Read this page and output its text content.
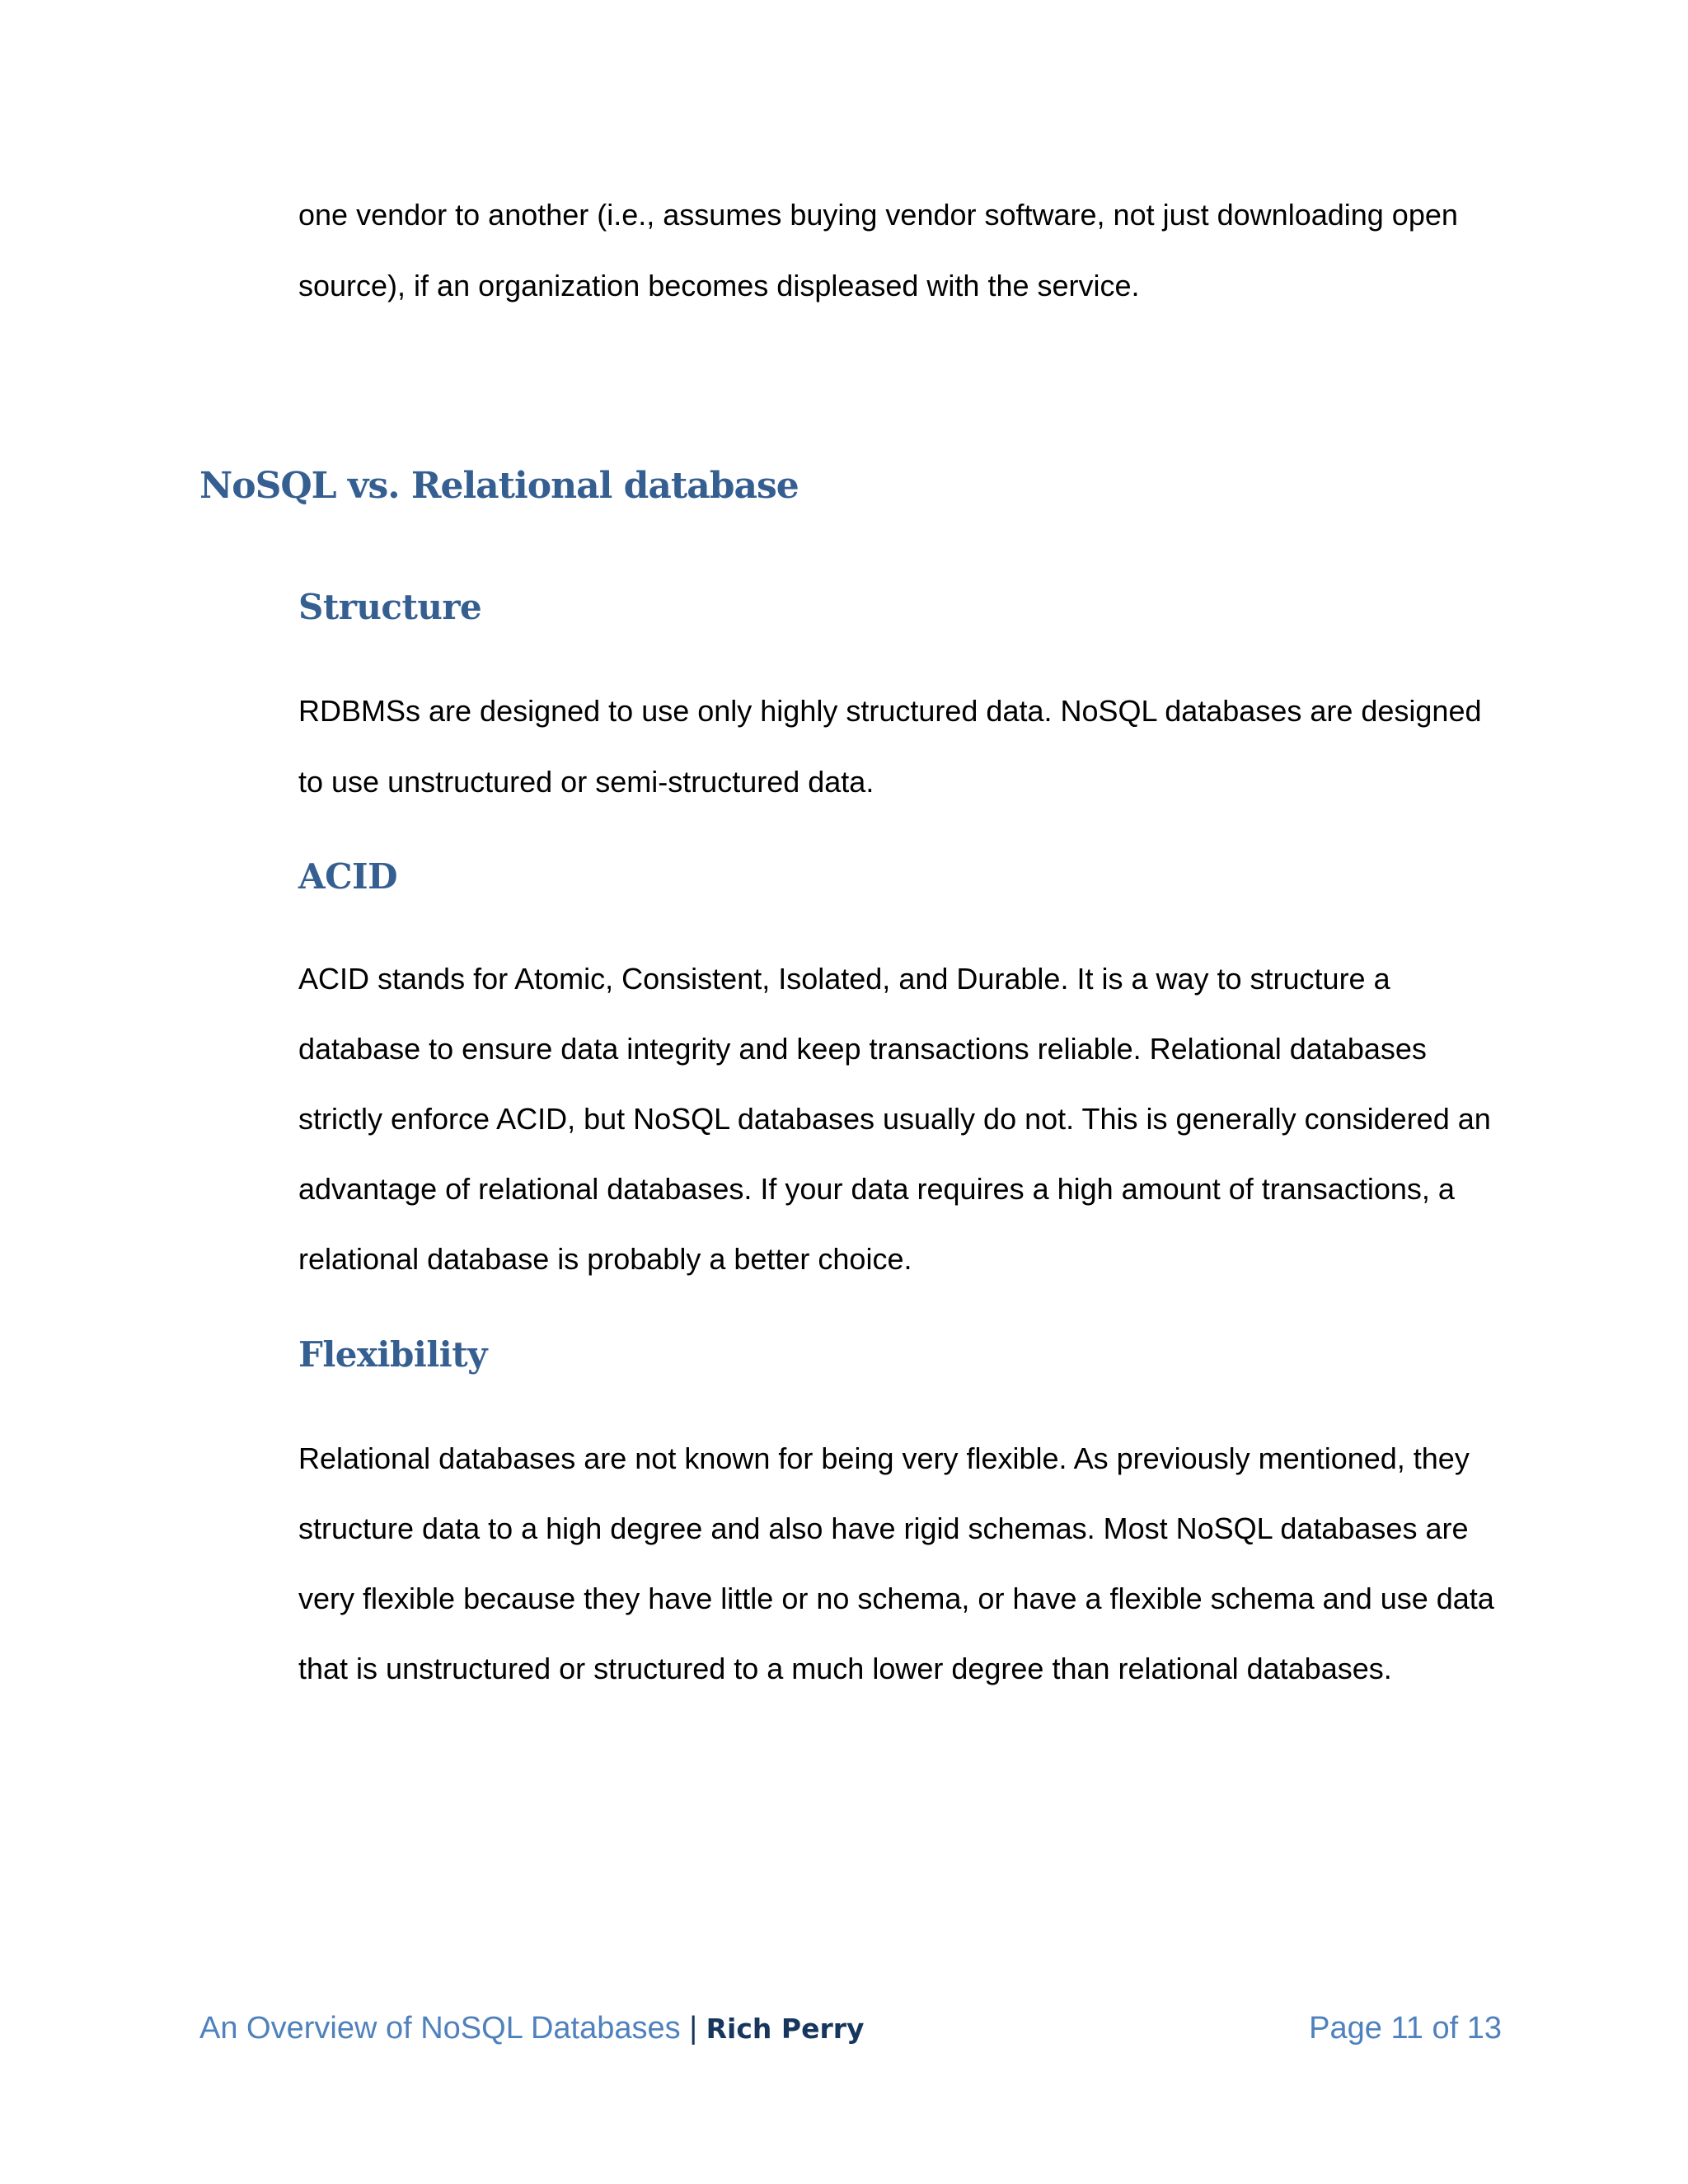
one vendor to another (i.e., assumes buying vendor software, not just downloading open source), if an organization becomes displeased with the service.

NoSQL vs. Relational database
Structure

RDBMSs are designed to use only highly structured data. NoSQL databases are designed to use unstructured or semi-structured data.

ACID

ACID stands for Atomic, Consistent, Isolated, and Durable. It is a way to structure a database to ensure data integrity and keep transactions reliable. Relational databases strictly enforce ACID, but NoSQL databases usually do not. This is generally considered an advantage of relational databases. If your data requires a high amount of transactions, a relational database is probably a better choice.

Flexibility

Relational databases are not known for being very flexible. As previously mentioned, they structure data to a high degree and also have rigid schemas. Most NoSQL databases are very flexible because they have little or no schema, or have a flexible schema and use data that is unstructured or structured to a much lower degree than relational databases.

An Overview of NoSQL Databases | Rich Perry	Page 11 of 13
